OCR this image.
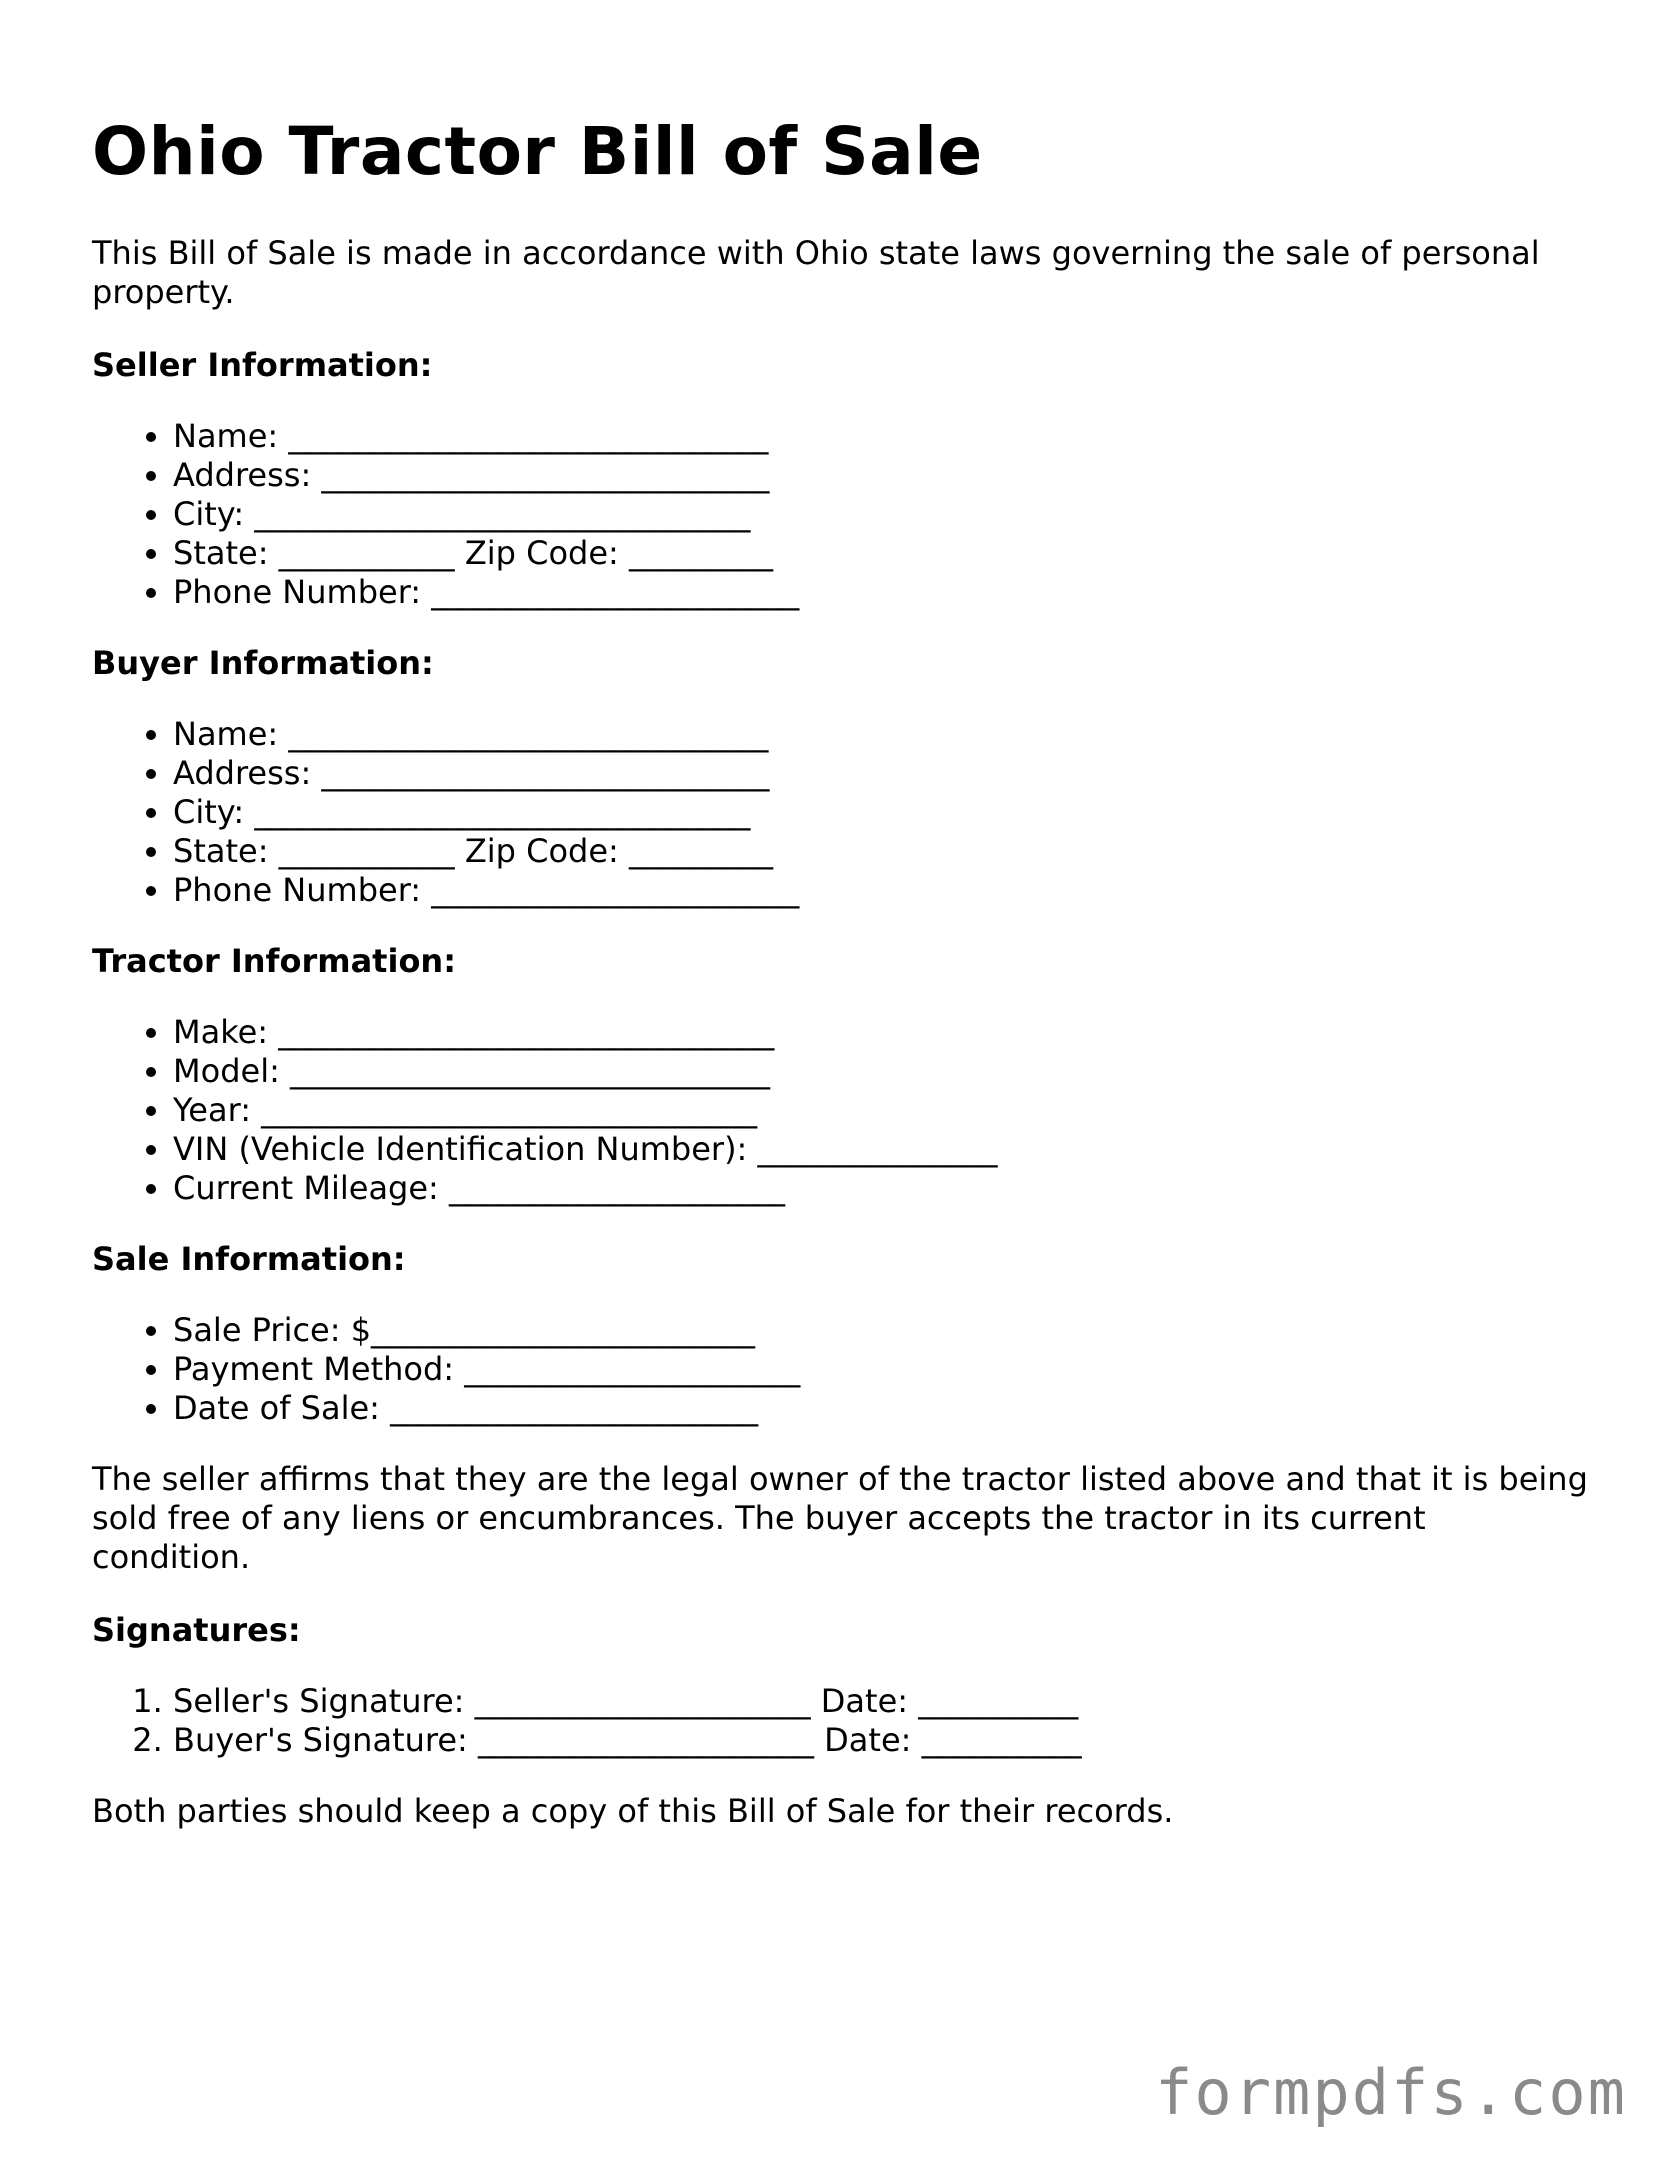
Ohio Tractor Bill of Sale

This Bill of Sale is made in accordance with Ohio state laws governing the sale of personal property.

Seller Information:
• Name: ______________________________
• Address: ____________________________
• City: _______________________________
• State: ___________ Zip Code: _________
• Phone Number: _______________________
Buyer Information:
• Name: ______________________________
• Address: ____________________________
• City: _______________________________
• State: ___________ Zip Code: _________
• Phone Number: _______________________
Tractor Information:
• Make: _______________________________
• Model: ______________________________
• Year: _______________________________
• VIN (Vehicle Identification Number): _______________
• Current Mileage: _____________________
Sale Information:
• Sale Price: $________________________
• Payment Method: _____________________
• Date of Sale: _______________________

The seller affirms that they are the legal owner of the tractor listed above and that it is being sold free of any liens or encumbrances. The buyer accepts the tractor in its current condition.

Signatures:
1. Seller's Signature: _____________________ Date: __________
2. Buyer's Signature: _____________________ Date: __________

Both parties should keep a copy of this Bill of Sale for their records.

formpdfs.com
